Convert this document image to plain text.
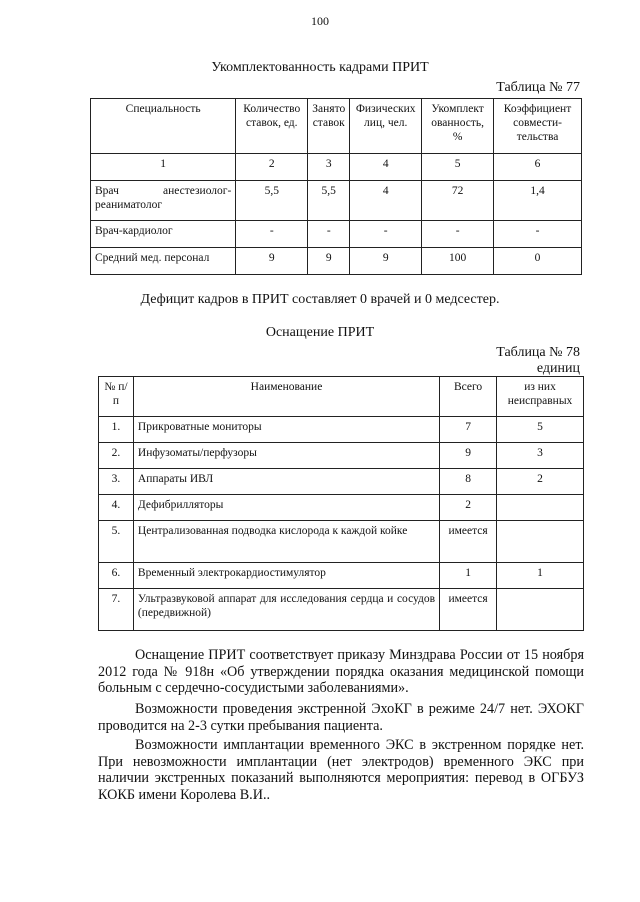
100
Укомплектованность кадрами ПРИТ
Таблица № 77
Специальность	Количество ставок, ед.	Занято ставок	Физических лиц, чел.	Укомплект ованность, %	Коэффициент совмести-тельства
1	2	3	4	5	6
Врач анестезиолог-реаниматолог	5,5	5,5	4	72	1,4
Врач-кардиолог	-	-	-	-	-
Средний мед. персонал	9	9	9	100	0
Дефицит кадров в ПРИТ составляет 0 врачей и 0 медсестер.
Оснащение ПРИТ
Таблица № 78
единиц
№ п/п	Наименование	Всего	из них неисправных
1.	Прикроватные мониторы	7	5
2.	Инфузоматы/перфузоры	9	3
3.	Аппараты ИВЛ	8	2
4.	Дефибрилляторы	2	
5.	Централизованная подводка кислорода к каждой койке	имеется	
6.	Временный электрокардиостимулятор	1	1
7.	Ультразвуковой аппарат для исследования сердца и сосудов (передвижной)	имеется	
Оснащение ПРИТ соответствует приказу Минздрава России от 15 ноября 2012 года № 918н «Об утверждении порядка оказания медицинской помощи больным с сердечно-сосудистыми заболеваниями».
Возможности проведения экстренной ЭхоКГ в режиме 24/7 нет. ЭХОКГ проводится на 2-3 сутки пребывания пациента.
Возможности имплантации временного ЭКС в экстренном порядке нет. При невозможности имплантации (нет электродов) временного ЭКС при наличии экстренных показаний выполняются мероприятия: перевод в ОГБУЗ КОКБ имени Королева В.И..
